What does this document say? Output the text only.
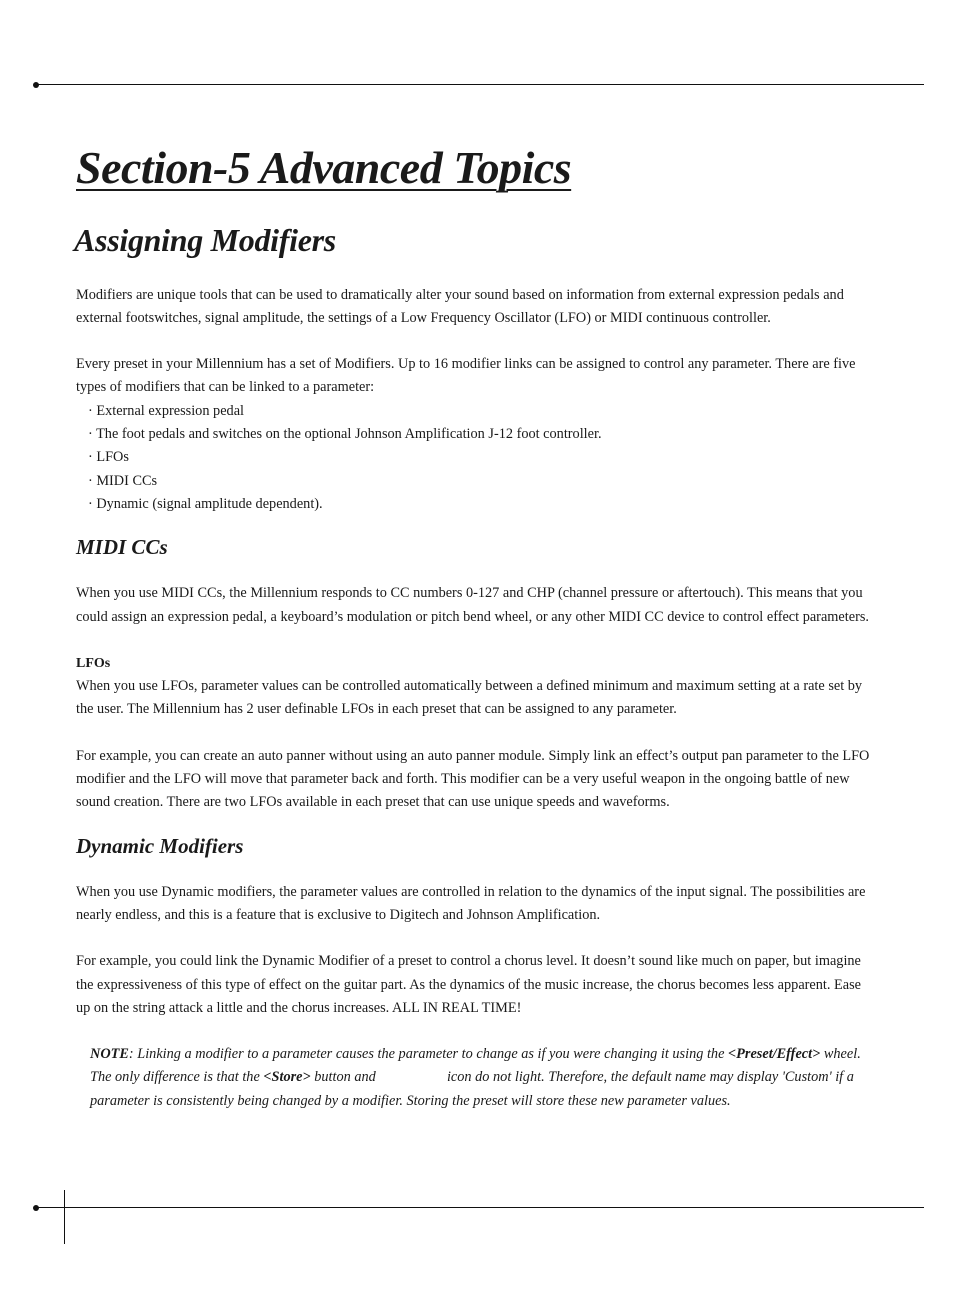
Section-5 Advanced Topics
Assigning Modifiers

Modifiers are unique tools that can be used to dramatically alter your sound based on information from external expression pedals and external footswitches, signal amplitude, the settings of a Low Frequency Oscillator (LFO) or MIDI continuous controller.

Every preset in your Millennium has a set of Modifiers. Up to 16 modifier links can be assigned to control any parameter. There are five types of modifiers that can be linked to a parameter:

· External expression pedal
· The foot pedals and switches on the optional Johnson Amplification J-12 foot controller.
· LFOs
· MIDI CCs
· Dynamic (signal amplitude dependent).
MIDI CCs

When you use MIDI CCs, the Millennium responds to CC numbers 0-127 and CHP (channel pressure or aftertouch). This means that you could assign an expression pedal, a keyboard’s modulation or pitch bend wheel, or any other MIDI CC device to control effect parameters.

LFOs

When you use LFOs, parameter values can be controlled automatically between a defined minimum and maximum setting at a rate set by the user. The Millennium has 2 user definable LFOs in each preset that can be assigned to any parameter.

For example, you can create an auto panner without using an auto panner module. Simply link an effect’s output pan parameter to the LFO modifier and the LFO will move that parameter back and forth. This modifier can be a very useful weapon in the ongoing battle of new sound creation. There are two LFOs available in each preset that can use unique speeds and waveforms.

Dynamic Modifiers

When you use Dynamic modifiers, the parameter values are controlled in relation to the dynamics of the input signal. The possibilities are nearly endless, and this is a feature that is exclusive to Digitech and Johnson Amplification.

For example, you could link the Dynamic Modifier of a preset to control a chorus level. It doesn’t sound like much on paper, but imagine the expressiveness of this type of effect on the guitar part. As the dynamics of the music increase, the chorus becomes less apparent. Ease up on the string attack a little and the chorus increases. ALL IN REAL TIME!

NOTE: Linking a modifier to a parameter causes the parameter to change as if you were changing it using the <Preset/Effect> wheel. The only difference is that the <Store> button and	icon do not light. Therefore, the default name may display 'Custom' if a parameter is consistently being changed by a modifier. Storing the preset will store these new parameter values.
